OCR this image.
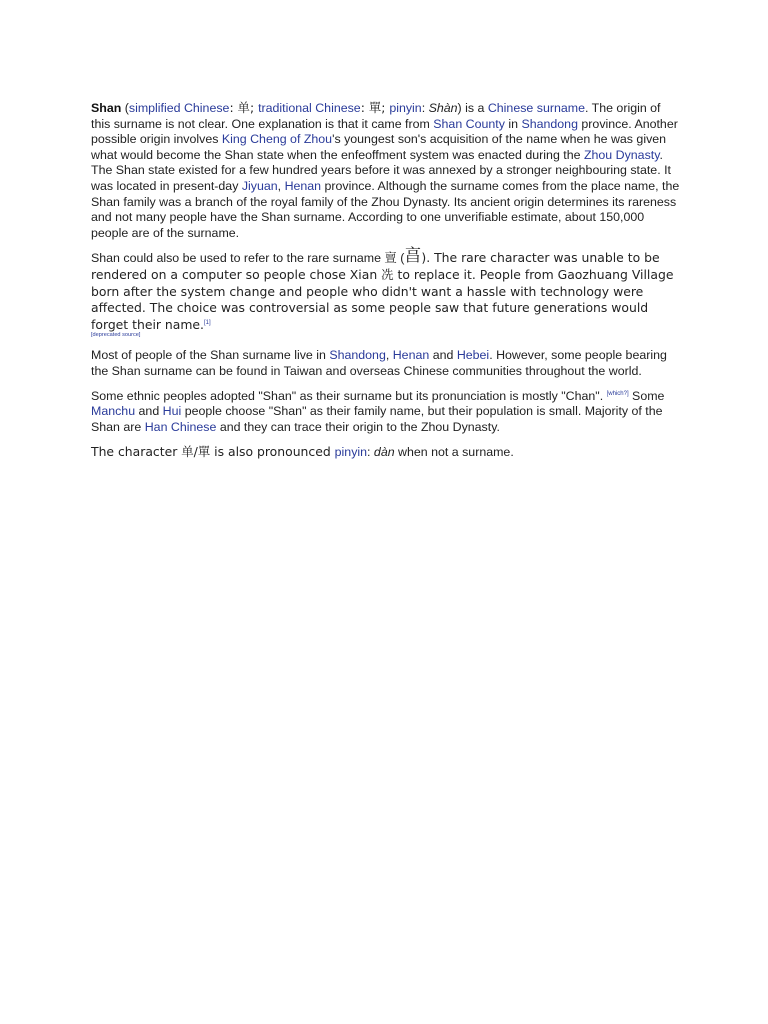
Shan (simplified Chinese: 单; traditional Chinese: 單; pinyin: Shàn) is a Chinese surname. The origin of this surname is not clear. One explanation is that it came from Shan County in Shandong province. Another possible origin involves King Cheng of Zhou's youngest son's acquisition of the name when he was given what would become the Shan state when the enfeoffment system was enacted during the Zhou Dynasty. The Shan state existed for a few hundred years before it was annexed by a stronger neighbouring state. It was located in present-day Jiyuan, Henan province. Although the surname comes from the place name, the Shan family was a branch of the royal family of the Zhou Dynasty. Its ancient origin determines its rareness and not many people have the Shan surname. According to one unverifiable estimate, about 150,000 people are of the surname.

Shan could also be used to refer to the rare surname 亶 (亯). The rare character was unable to be rendered on a computer so people chose Xian 冼 to replace it. People from Gaozhuang Village born after the system change and people who didn't want a hassle with technology were affected. The choice was controversial as some people saw that future generations would forget their name.[1]
[deprecated source]

Most of people of the Shan surname live in Shandong, Henan and Hebei. However, some people bearing the Shan surname can be found in Taiwan and overseas Chinese communities throughout the world.

Some ethnic peoples adopted "Shan" as their surname but its pronunciation is mostly "Chan". [which?] Some Manchu and Hui people choose "Shan" as their family name, but their population is small. Majority of the Shan are Han Chinese and they can trace their origin to the Zhou Dynasty.

The character 单/單 is also pronounced pinyin: dàn when not a surname.
